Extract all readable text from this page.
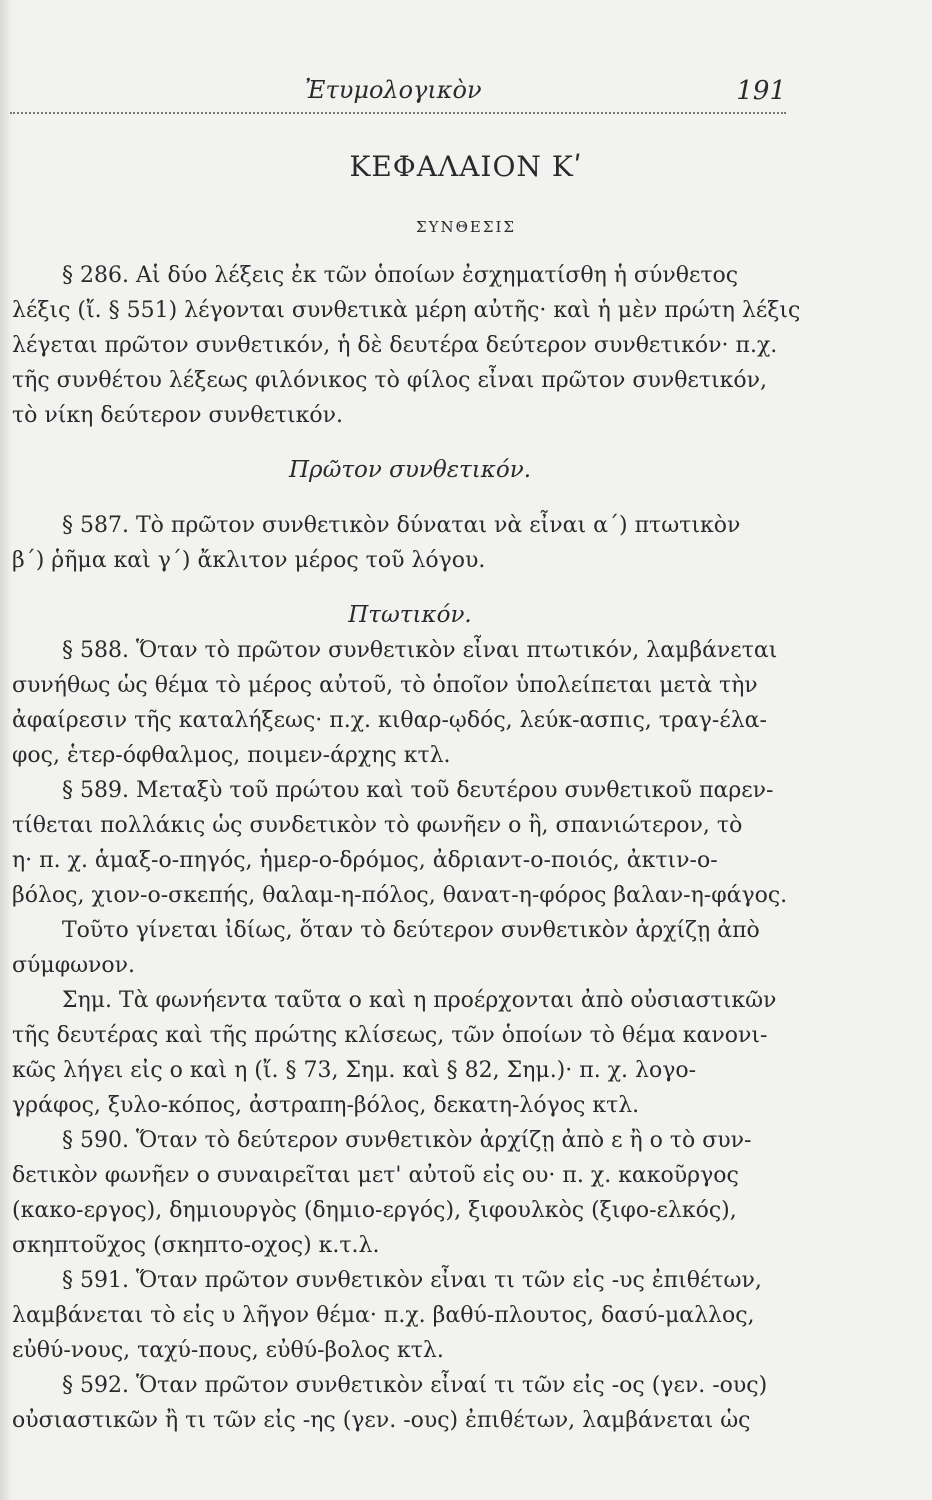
Ἐτυμολογικὸν	191
ΚΕΦΑΛΑΙΟΝ Κʹ
ΣΥΝΘΕΣΙΣ
§ 286. Αἱ δύο λέξεις ἐκ τῶν ὁποίων ἐσχηματίσθη ἡ σύνθετος
λέξις (ἴ. § 551) λέγονται συνθετικὰ μέρη αὐτῆς· καὶ ἡ μὲν πρώτη λέξις
λέγεται πρῶτον συνθετικόν, ἡ δὲ δευτέρα δεύτερον συνθετικόν· π.χ.
τῆς συνθέτου λέξεως φιλόνικος τὸ φίλος εἶναι πρῶτον συνθετικόν,
τὸ νίκη δεύτερον συνθετικόν.
Πρῶτον συνθετικόν.
§ 587. Τὸ πρῶτον συνθετικὸν δύναται νὰ εἶναι α΄) πτωτικὸν
β΄) ῥῆμα καὶ γ΄) ἄκλιτον μέρος τοῦ λόγου.
Πτωτικόν.
§ 588. Ὅταν τὸ πρῶτον συνθετικὸν εἶναι πτωτικόν, λαμβάνεται
συνήθως ὡς θέμα τὸ μέρος αὐτοῦ, τὸ ὁποῖον ὑπολείπεται μετὰ τὴν
ἀφαίρεσιν τῆς καταλήξεως· π.χ. κιθαρ-ῳδός, λεύκ-ασπις, τραγ-έλα-
φος, ἑτερ-όφθαλμος, ποιμεν-άρχης κτλ.
§ 589. Μεταξὺ τοῦ πρώτου καὶ τοῦ δευτέρου συνθετικοῦ παρεν-
τίθεται πολλάκις ὡς συνδετικὸν τὸ φωνῆεν ο ἢ, σπανιώτερον, τὸ
η· π. χ. ἁμαξ-ο-πηγός, ἡμερ-ο-δρόμος, ἀδριαντ-ο-ποιός, ἀκτιν-ο-
βόλος, χιον-ο-σκεπής, θαλαμ-η-πόλος, θανατ-η-φόρος βαλαν-η-φάγος.
Τοῦτο γίνεται ἰδίως, ὅταν τὸ δεύτερον συνθετικὸν ἀρχίζῃ ἀπὸ
σύμφωνον.
Σημ. Τὰ φωνήεντα ταῦτα ο καὶ η προέρχονται ἀπὸ οὐσιαστικῶν
τῆς δευτέρας καὶ τῆς πρώτης κλίσεως, τῶν ὁποίων τὸ θέμα κανονι-
κῶς λήγει εἰς ο καὶ η (ἴ. § 73, Σημ. καὶ § 82, Σημ.)· π. χ. λογο-
γράφος, ξυλο-κόπος, ἀστραπη-βόλος, δεκατη-λόγος κτλ.
§ 590. Ὅταν τὸ δεύτερον συνθετικὸν ἀρχίζῃ ἀπὸ ε ἢ ο τὸ συν-
δετικὸν φωνῆεν ο συναιρεῖται μετ' αὐτοῦ εἰς ου· π. χ. κακοῦργος
(κακο-εργος), δημιουργὸς (δημιο-εργός), ξιφουλκὸς (ξιφο-ελκός),
σκηπτοῦχος (σκηπτο-οχος) κ.τ.λ.
§ 591. Ὅταν πρῶτον συνθετικὸν εἶναι τι τῶν εἰς -υς ἐπιθέτων,
λαμβάνεται τὸ εἰς υ λῆγον θέμα· π.χ. βαθύ-πλουτος, δασύ-μαλλος,
εὐθύ-νους, ταχύ-πους, εὐθύ-βολος κτλ.
§ 592. Ὅταν πρῶτον συνθετικὸν εἶναί τι τῶν εἰς -ος (γεν. -ους)
οὐσιαστικῶν ἢ τι τῶν εἰς -ης (γεν. -ους) ἐπιθέτων, λαμβάνεται ὡς
